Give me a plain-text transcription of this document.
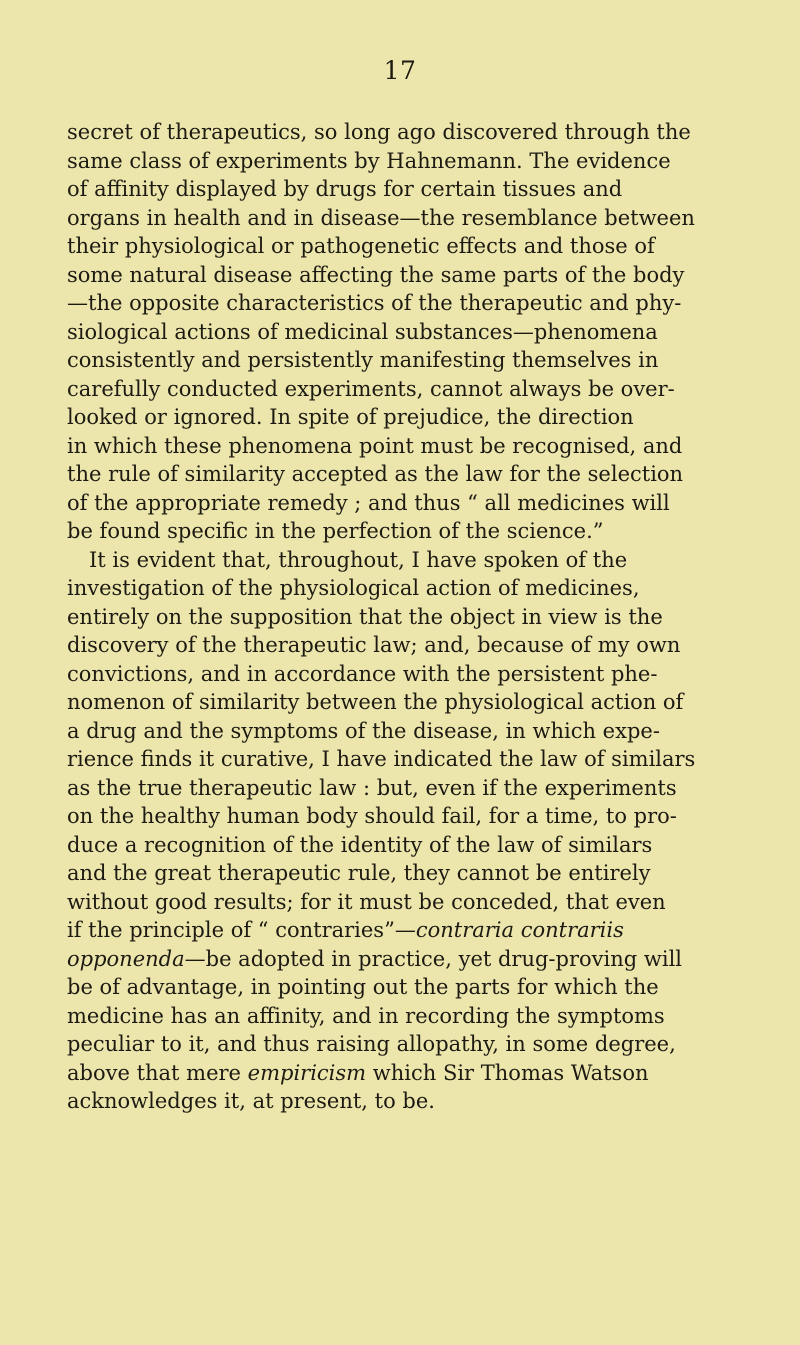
17
secret of therapeutics, so long ago discovered through the
same class of experiments by Hahnemann. The evidence
of affinity displayed by drugs for certain tissues and
organs in health and in disease—the resemblance between
their physiological or pathogenetic effects and those of
some natural disease affecting the same parts of the body
—the opposite characteristics of the therapeutic and phy-
siological actions of medicinal substances—phenomena
consistently and persistently manifesting themselves in
carefully conducted experiments, cannot always be over-
looked or ignored. In spite of prejudice, the direction
in which these phenomena point must be recognised, and
the rule of similarity accepted as the law for the selection
of the appropriate remedy ; and thus “ all medicines will
be found specific in the perfection of the science.”
It is evident that, throughout, I have spoken of the
investigation of the physiological action of medicines,
entirely on the supposition that the object in view is the
discovery of the therapeutic law; and, because of my own
convictions, and in accordance with the persistent phe-
nomenon of similarity between the physiological action of
a drug and the symptoms of the disease, in which expe-
rience finds it curative, I have indicated the law of similars
as the true therapeutic law : but, even if the experiments
on the healthy human body should fail, for a time, to pro-
duce a recognition of the identity of the law of similars
and the great therapeutic rule, they cannot be entirely
without good results; for it must be conceded, that even
if the principle of “ contraries”—contraria contrariis
opponenda—be adopted in practice, yet drug-proving will
be of advantage, in pointing out the parts for which the
medicine has an affinity, and in recording the symptoms
peculiar to it, and thus raising allopathy, in some degree,
above that mere empiricism which Sir Thomas Watson
acknowledges it, at present, to be.
